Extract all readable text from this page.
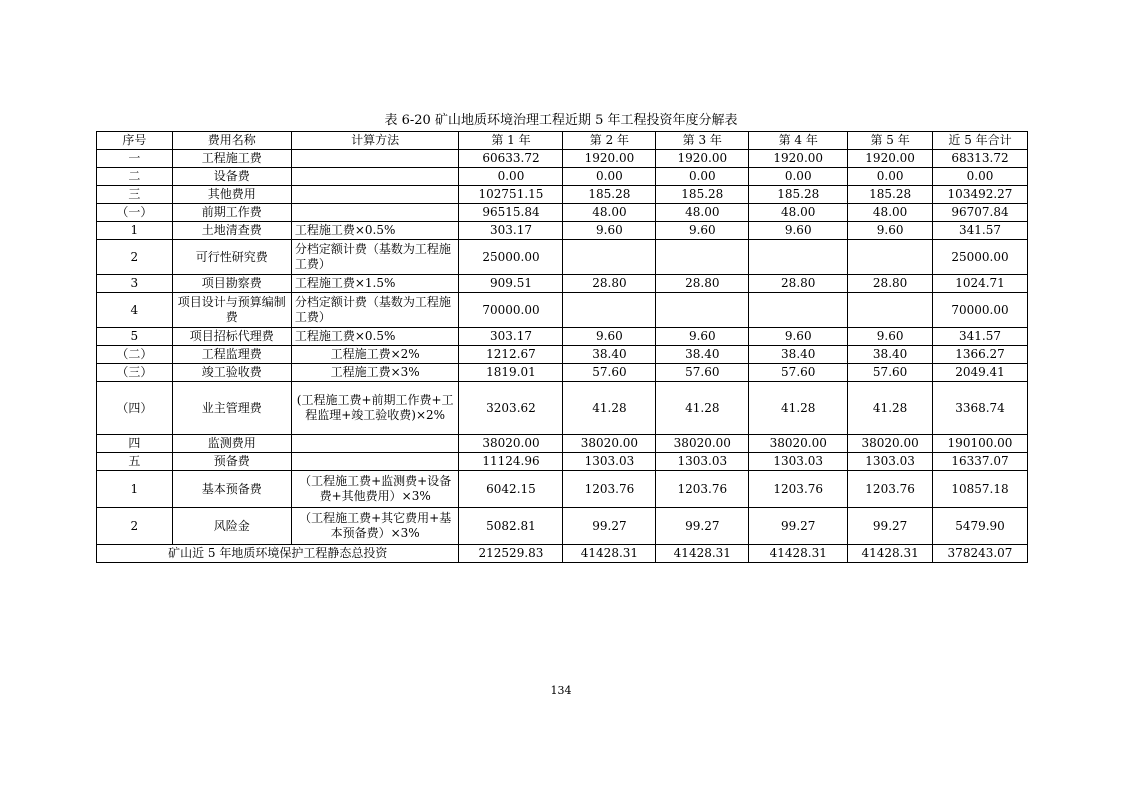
表 6-20 矿山地质环境治理工程近期 5 年工程投资年度分解表
序号	费用名称	计算方法	第 1 年	第 2 年	第 3 年	第 4 年	第 5 年	近 5 年合计
一	工程施工费		60633.72	1920.00	1920.00	1920.00	1920.00	68313.72
二	设备费		0.00	0.00	0.00	0.00	0.00	0.00
三	其他费用		102751.15	185.28	185.28	185.28	185.28	103492.27
（一）	前期工作费		96515.84	48.00	48.00	48.00	48.00	96707.84
1	土地清查费	工程施工费×0.5%	303.17	9.60	9.60	9.60	9.60	341.57
2	可行性研究费	分档定额计费（基数为工程施工费）	25000.00					25000.00
3	项目勘察费	工程施工费×1.5%	909.51	28.80	28.80	28.80	28.80	1024.71
4	项目设计与预算编制费	分档定额计费（基数为工程施工费）	70000.00					70000.00
5	项目招标代理费	工程施工费×0.5%	303.17	9.60	9.60	9.60	9.60	341.57
（二）	工程监理费	工程施工费×2%	1212.67	38.40	38.40	38.40	38.40	1366.27
（三）	竣工验收费	工程施工费×3%	1819.01	57.60	57.60	57.60	57.60	2049.41
（四）	业主管理费	(工程施工费+前期工作费+工程监理+竣工验收费)×2%	3203.62	41.28	41.28	41.28	41.28	3368.74
四	监测费用		38020.00	38020.00	38020.00	38020.00	38020.00	190100.00
五	预备费		11124.96	1303.03	1303.03	1303.03	1303.03	16337.07
1	基本预备费	（工程施工费+监测费+设备费+其他费用）×3%	6042.15	1203.76	1203.76	1203.76	1203.76	10857.18
2	风险金	（工程施工费+其它费用+基本预备费）×3%	5082.81	99.27	99.27	99.27	99.27	5479.90
矿山近 5 年地质环境保护工程静态总投资			212529.83	41428.31	41428.31	41428.31	41428.31	378243.07
134
